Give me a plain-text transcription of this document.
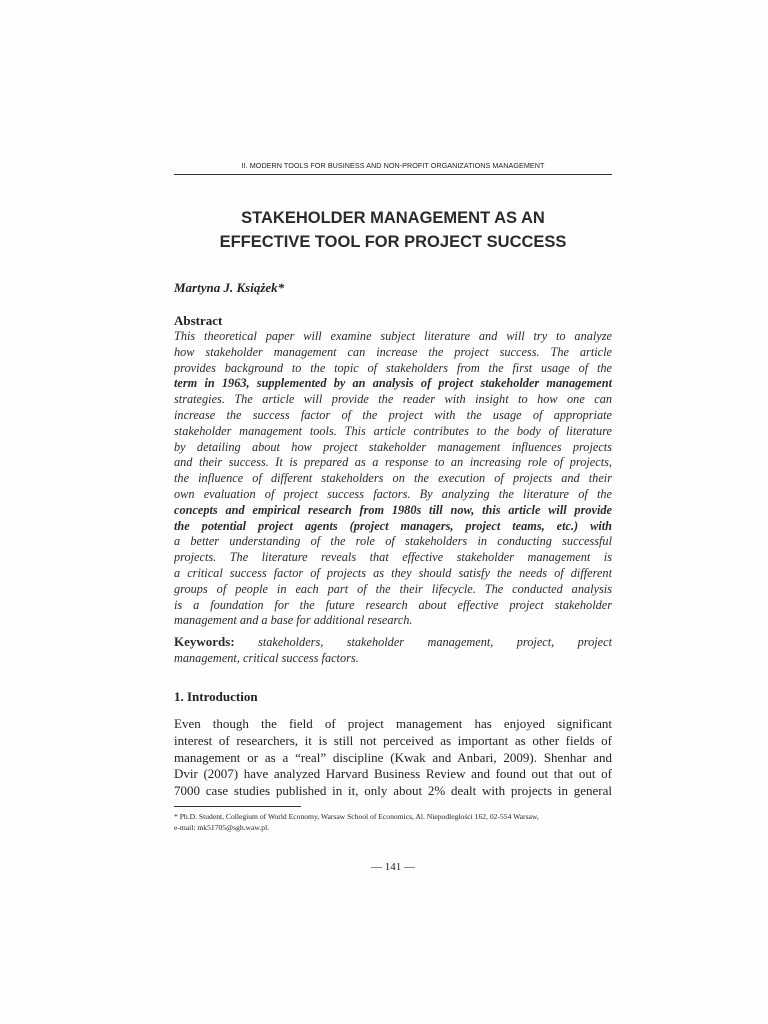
II. MODERN TOOLS FOR BUSINESS AND NON-PROFIT ORGANIZATIONS MANAGEMENT
STAKEHOLDER MANAGEMENT AS AN
EFFECTIVE TOOL FOR PROJECT SUCCESS
Martyna J. Książek*
Abstract

This theoretical paper will examine subject literature and will try to analyze
how stakeholder management can increase the project success. The article
provides background to the topic of stakeholders from the first usage of the
term in 1963, supplemented by an analysis of project stakeholder management
strategies. The article will provide the reader with insight to how one can
increase the success factor of the project with the usage of appropriate
stakeholder management tools. This article contributes to the body of literature
by detailing about how project stakeholder management influences projects
and their success. It is prepared as a response to an increasing role of projects,
the influence of different stakeholders on the execution of projects and their
own evaluation of project success factors. By analyzing the literature of the
concepts and empirical research from 1980s till now, this article will provide
the potential project agents (project managers, project teams, etc.) with
a better understanding of the role of stakeholders in conducting successful
projects. The literature reveals that effective stakeholder management is
a critical success factor of projects as they should satisfy the needs of different
groups of people in each part of the their lifecycle. The conducted analysis
is a foundation for the future research about effective project stakeholder
management and a base for additional research.

Keywords: stakeholders, stakeholder management, project, project
management, critical success factors.

1. Introduction

Even though the field of project management has enjoyed significant
interest of researchers, it is still not perceived as important as other fields of
management or as a “real” discipline (Kwak and Anbari, 2009). Shenhar and
Dvir (2007) have analyzed Harvard Business Review and found out that out of
7000 case studies published in it, only about 2% dealt with projects in general

* Ph.D. Student, Collegium of World Economy, Warsaw School of Economics, Al. Niepodległości 162, 02-554 Warsaw,
e-mail: mk51705@sgh.waw.pl.

— 141 —
